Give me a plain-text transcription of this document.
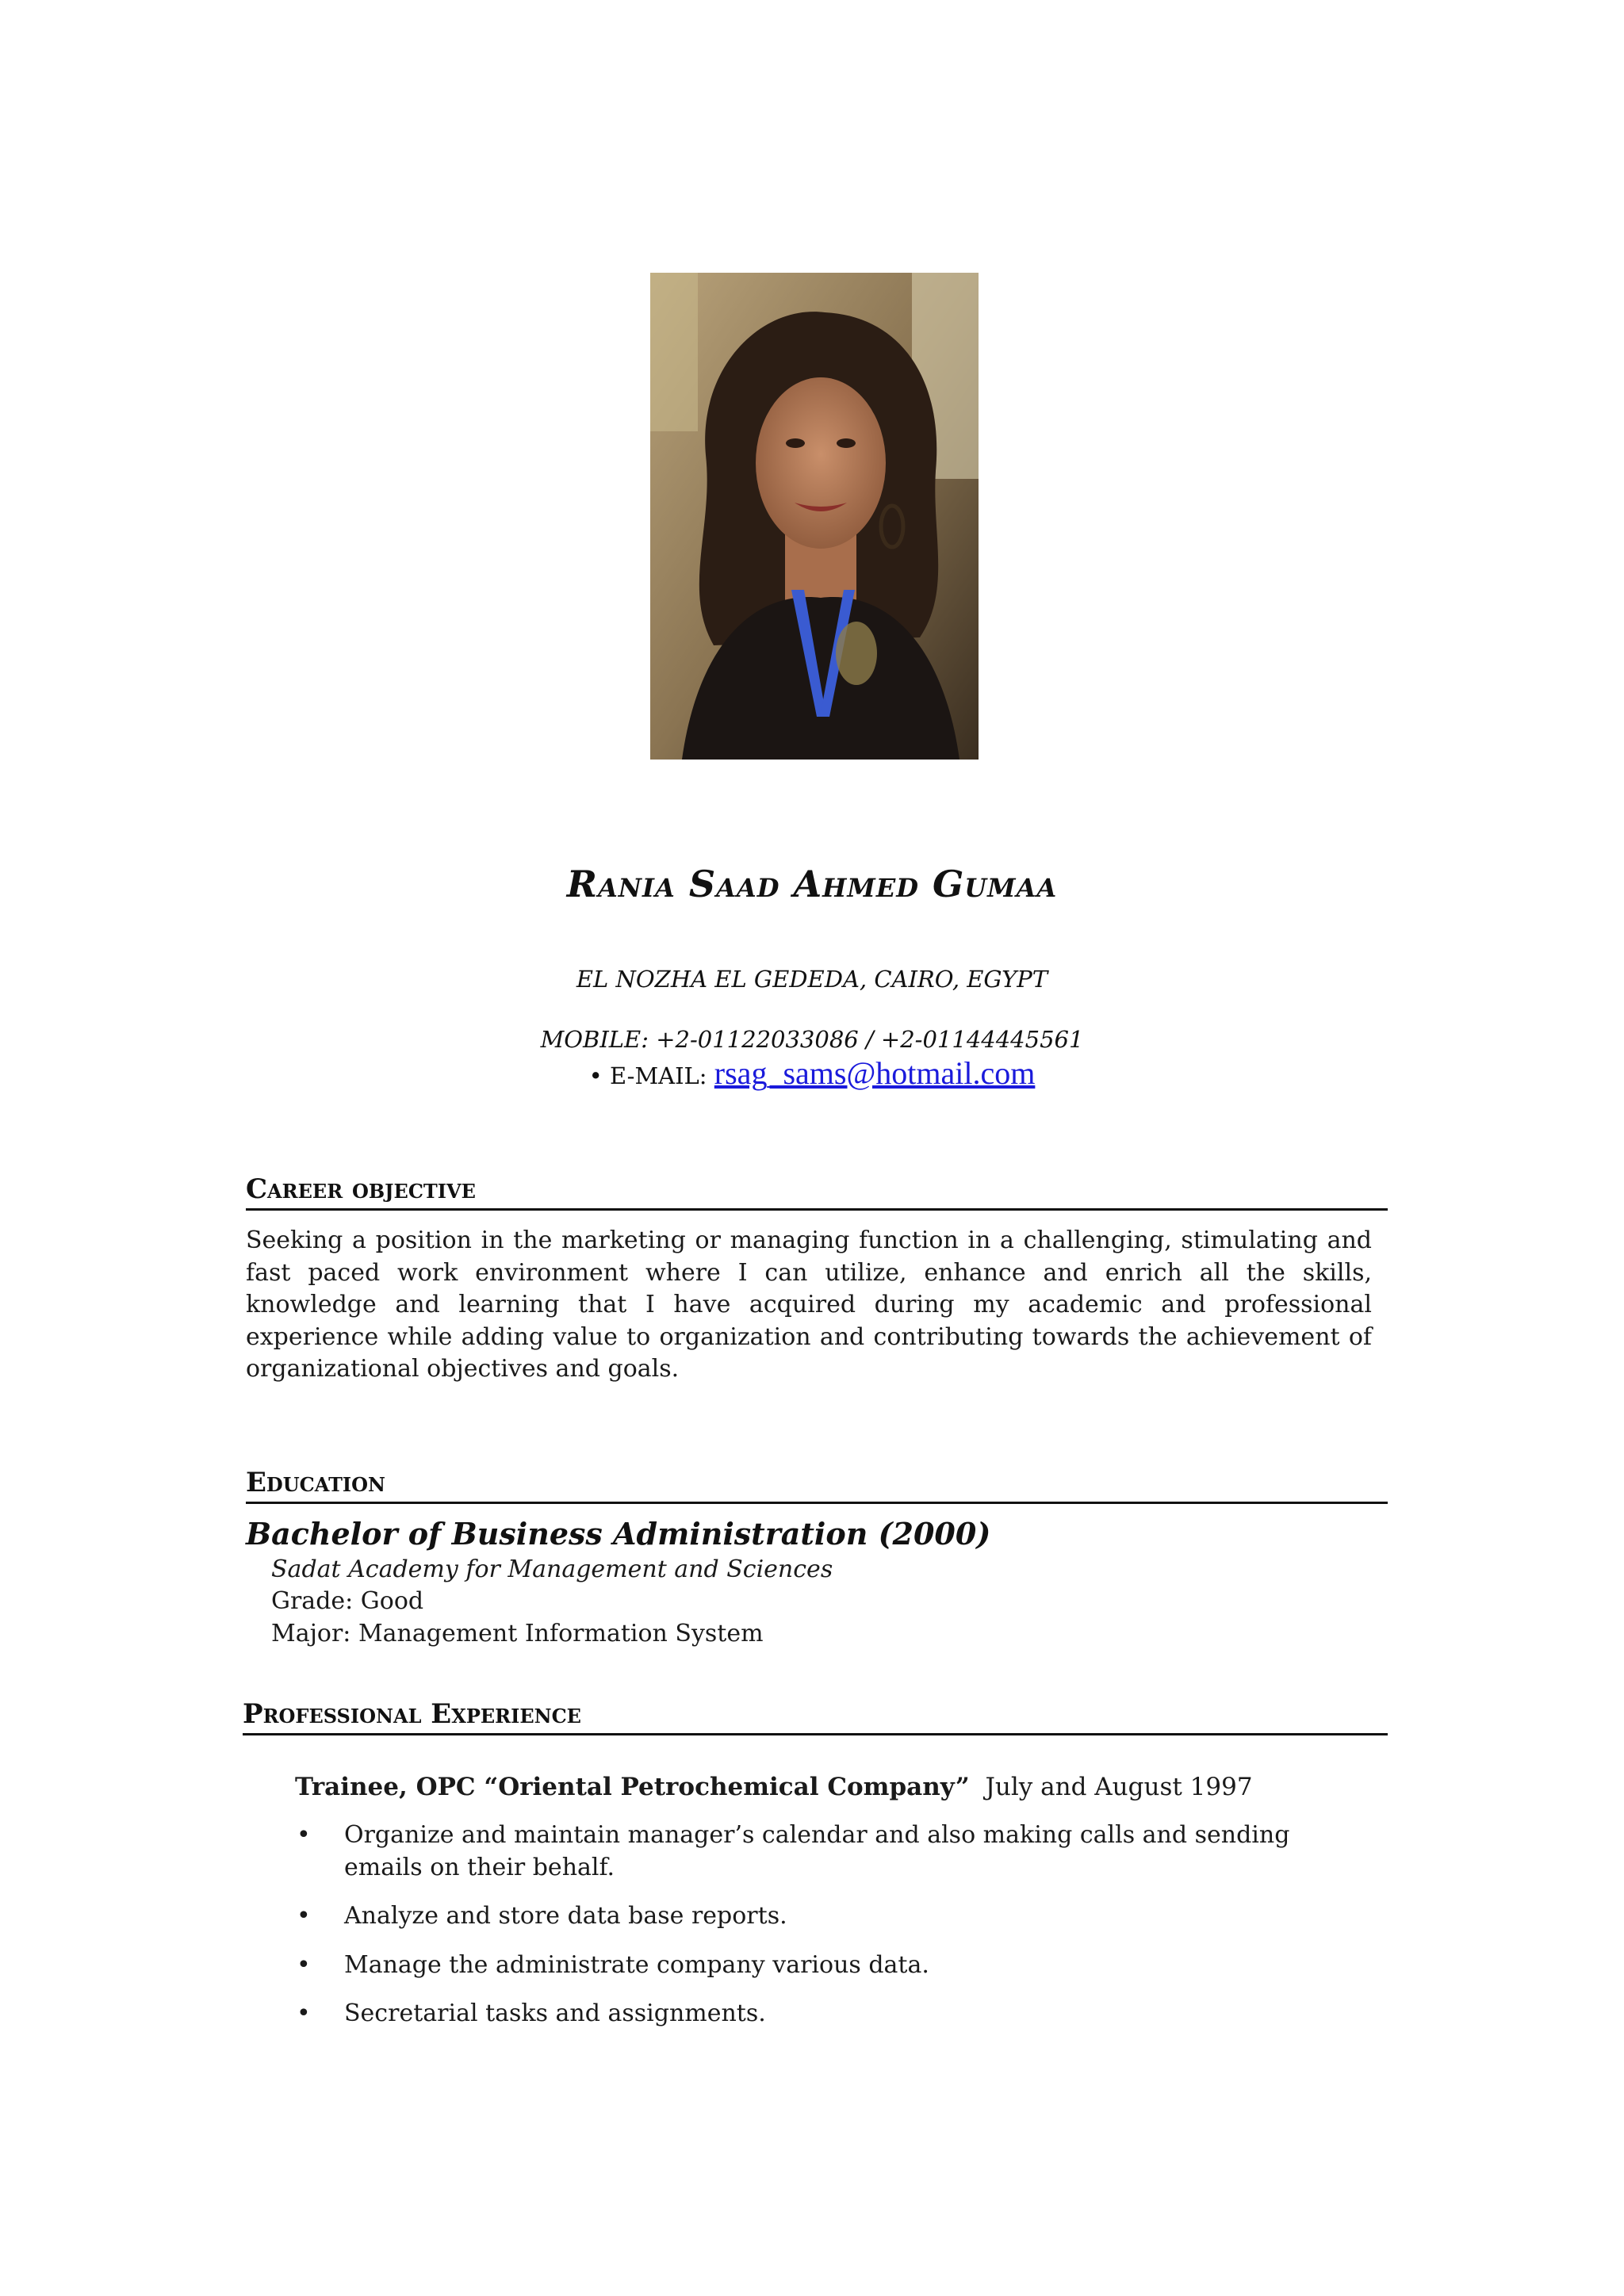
Rania Saad Ahmed Gumaa
EL NOZHA EL GEDEDA, CAIRO, EGYPT
MOBILE: +2-01122033086 / +2-01144445561
• E-MAIL: rsag_sams@hotmail.com
Career objective
Seeking a position in the marketing or managing function in a challenging, stimulating and fast paced work environment where I can utilize, enhance and enrich all the skills, knowledge and learning that I have acquired during my academic and professional experience while adding value to organization and contributing towards the achievement of organizational objectives and goals.
Education
Bachelor of Business Administration (2000)
Sadat Academy for Management and Sciences
Grade: Good
Major: Management Information System
Professional Experience
Trainee, OPC “Oriental Petrochemical Company” July and August 1997
• Organize and maintain manager’s calendar and also making calls and sending emails on their behalf.
• Analyze and store data base reports.
• Manage the administrate company various data.
• Secretarial tasks and assignments.
